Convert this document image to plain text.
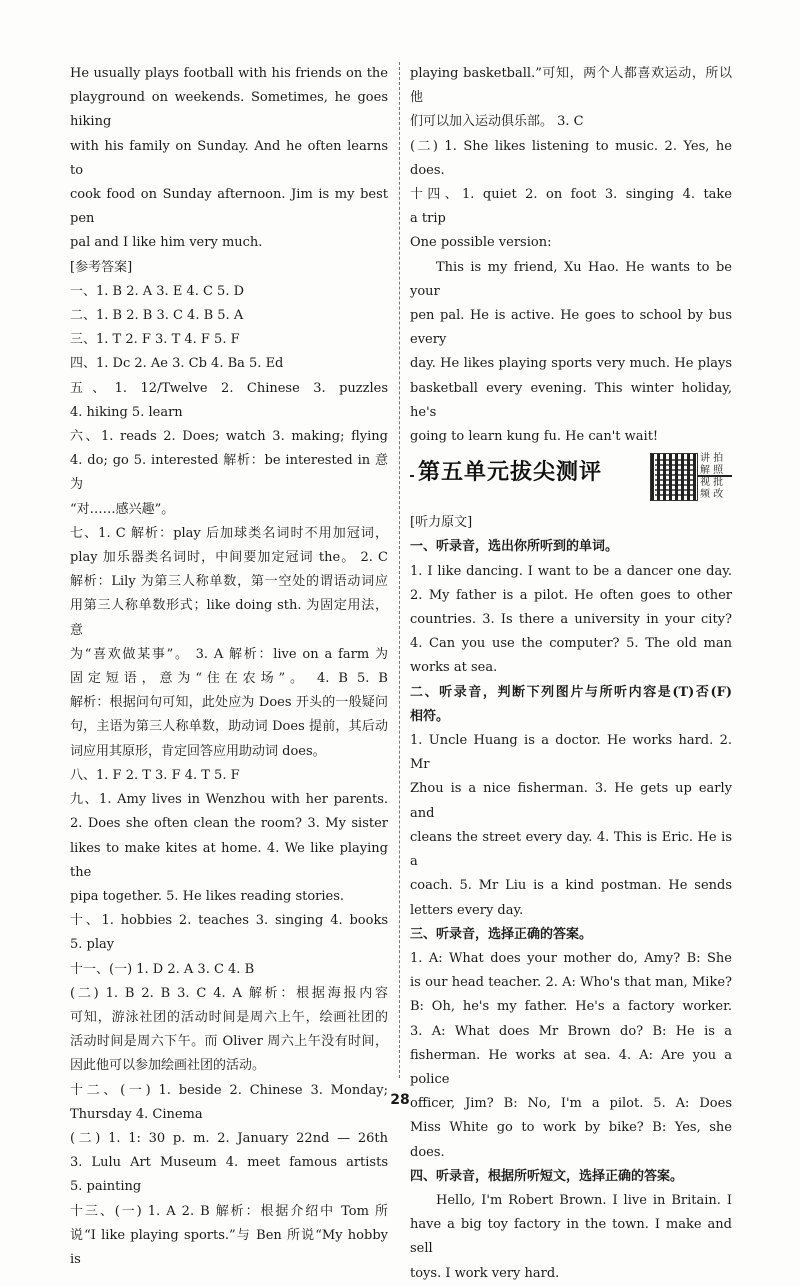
He usually plays football with his friends on the
playground on weekends. Sometimes, he goes hiking
with his family on Sunday. And he often learns to
cook food on Sunday afternoon. Jim is my best pen
pal and I like him very much.
[参考答案]
一、1. B 2. A 3. E 4. C 5. D
二、1. B 2. B 3. C 4. B 5. A
三、1. T 2. F 3. T 4. F 5. F
四、1. Dc 2. Ae 3. Cb 4. Ba 5. Ed
五、1. 12/Twelve 2. Chinese 3. puzzles
4. hiking 5. learn
六、1. reads 2. Does; watch 3. making; flying
4. do; go 5. interested 解析：be interested in 意为
“对……感兴趣”。
七、1. C 解析：play 后加球类名词时不用加冠词，
play 加乐器类名词时，中间要加定冠词 the。 2. C
解析：Lily 为第三人称单数，第一空处的谓语动词应
用第三人称单数形式；like doing sth. 为固定用法，意
为“喜欢做某事”。 3. A 解析：live on a farm 为
固定短语，意为“住在农场”。 4. B 5. B
解析：根据问句可知，此处应为 Does 开头的一般疑问
句，主语为第三人称单数，助动词 Does 提前，其后动
词应用其原形，肯定回答应用助动词 does。
八、1. F 2. T 3. F 4. T 5. F
九、1. Amy lives in Wenzhou with her parents.
2. Does she often clean the room? 3. My sister
likes to make kites at home. 4. We like playing the
pipa together. 5. He likes reading stories.
十、1. hobbies 2. teaches 3. singing 4. books
5. play
十一、(一) 1. D 2. A 3. C 4. B
(二) 1. B 2. B 3. C 4. A 解析：根据海报内容
可知，游泳社团的活动时间是周六上午，绘画社团的
活动时间是周六下午。而 Oliver 周六上午没有时间，
因此他可以参加绘画社团的活动。
十二、(一) 1. beside 2. Chinese 3. Monday;
Thursday 4. Cinema
(二) 1. 1: 30 p. m. 2. January 22nd — 26th
3. Lulu Art Museum 4. meet famous artists
5. painting
十三、(一) 1. A 2. B 解析：根据介绍中 Tom 所
说“I like playing sports.”与 Ben 所说“My hobby is
playing basketball.”可知，两个人都喜欢运动，所以他
们可以加入运动俱乐部。 3. C
(二) 1. She likes listening to music. 2. Yes, he
does.
十四、1. quiet 2. on foot 3. singing 4. take
a trip
One possible version:
This is my friend, Xu Hao. He wants to be your
pen pal. He is active. He goes to school by bus every
day. He likes playing sports very much. He plays
basketball every evening. This winter holiday, he's
going to learn kung fu. He can't wait!
第五单元拔尖测评
讲 拍 解 照 视 批 频 改
[听力原文]
一、听录音，选出你所听到的单词。
1. I like dancing. I want to be a dancer one day.
2. My father is a pilot. He often goes to other
countries. 3. Is there a university in your city?
4. Can you use the computer? 5. The old man
works at sea.
二、听录音，判断下列图片与所听内容是(T)否(F)
相符。
1. Uncle Huang is a doctor. He works hard. 2. Mr
Zhou is a nice fisherman. 3. He gets up early and
cleans the street every day. 4. This is Eric. He is a
coach. 5. Mr Liu is a kind postman. He sends
letters every day.
三、听录音，选择正确的答案。
1. A: What does your mother do, Amy? B: She
is our head teacher. 2. A: Who's that man, Mike?
B: Oh, he's my father. He's a factory worker.
3. A: What does Mr Brown do? B: He is a
fisherman. He works at sea. 4. A: Are you a police
officer, Jim? B: No, I'm a pilot. 5. A: Does
Miss White go to work by bike? B: Yes, she
does.
四、听录音，根据所听短文，选择正确的答案。
Hello, I'm Robert Brown. I live in Britain. I
have a big toy factory in the town. I make and sell
toys. I work very hard.
28
